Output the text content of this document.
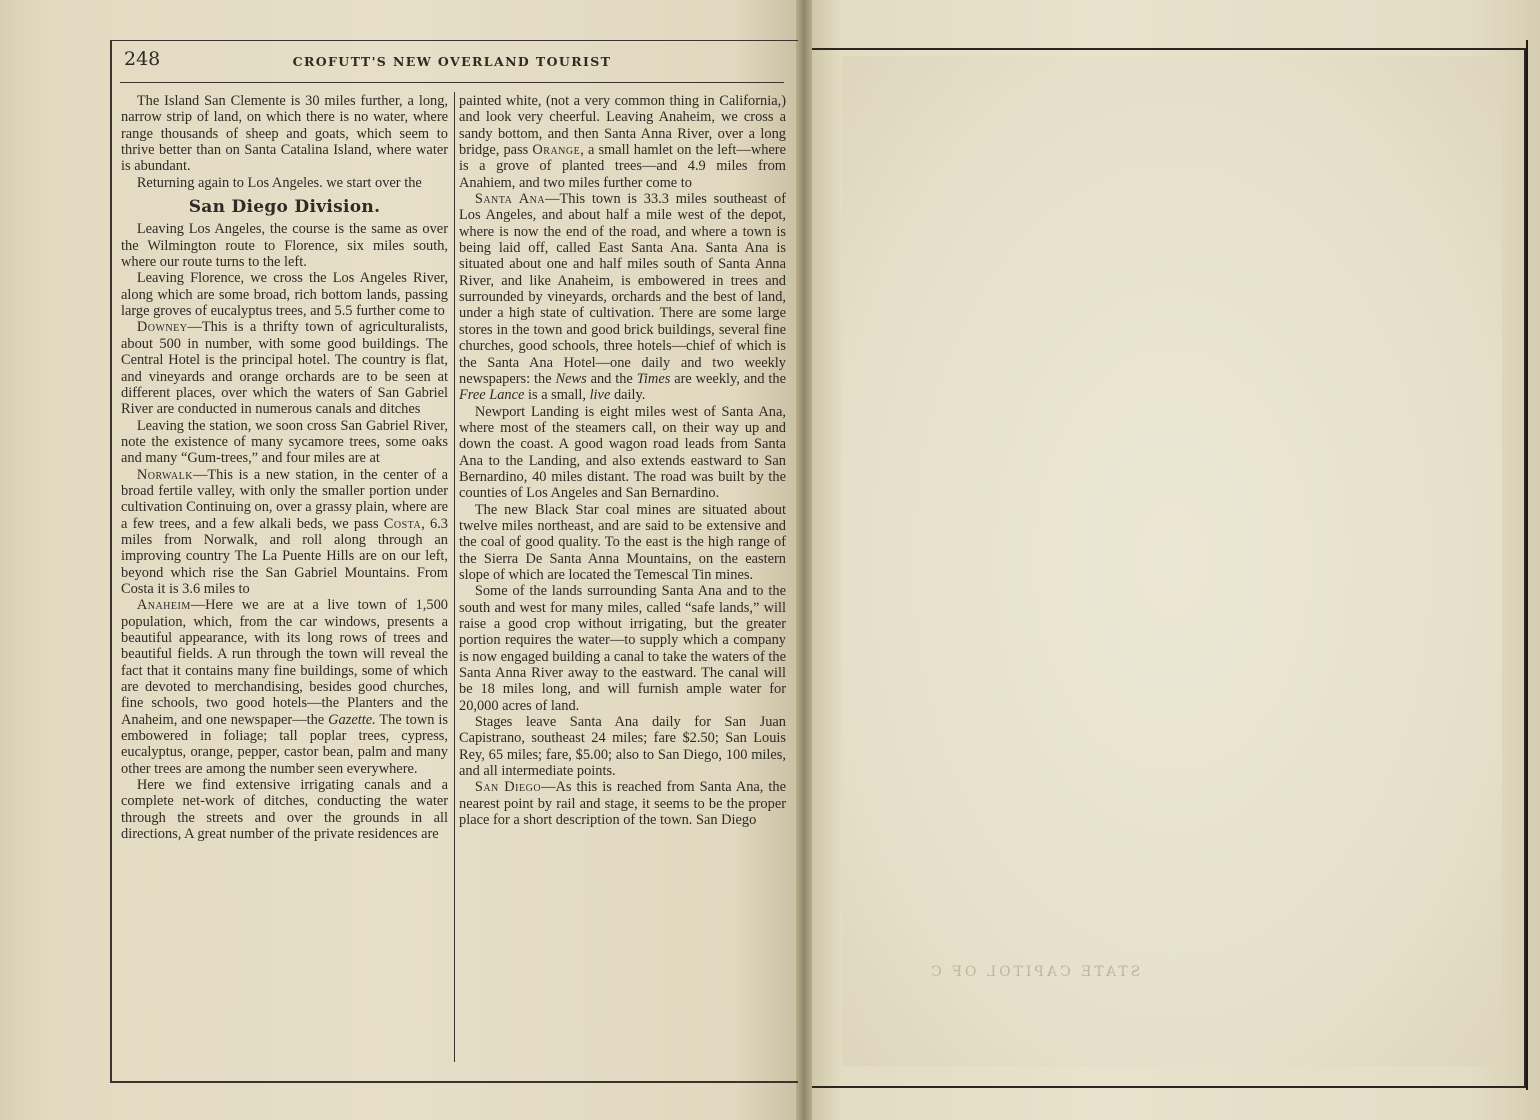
STATE CAPITOL OF C
248	CROFUTT'S NEW OVERLAND TOURIST

The Island San Clemente is 30 miles further, a long, narrow strip of land, on which there is no water, where range thousands of sheep and goats, which seem to thrive better than on Santa Catalina Island, where water is abundant.

Returning again to Los Angeles. we start over the

San Diego Division.

Leaving Los Angeles, the course is the same as over the Wilmington route to Florence, six miles south, where our route turns to the left.

Leaving Florence, we cross the Los Angeles River, along which are some broad, rich bottom lands, passing large groves of eucalyptus trees, and 5.5 further come to

Downey—This is a thrifty town of agriculturalists, about 500 in number, with some good buildings. The Central Hotel is the principal hotel. The country is flat, and vineyards and orange orchards are to be seen at different places, over which the waters of San Gabriel River are conducted in numerous canals and ditches

Leaving the station, we soon cross San Gabriel River, note the existence of many sycamore trees, some oaks and many “Gum-trees,” and four miles are at

Norwalk—This is a new station, in the center of a broad fertile valley, with only the smaller portion under cultivation Continuing on, over a grassy plain, where are a few trees, and a few alkali beds, we pass Costa, 6.3 miles from Norwalk, and roll along through an improving country The La Puente Hills are on our left, beyond which rise the San Gabriel Mountains. From Costa it is 3.6 miles to

Anaheim—Here we are at a live town of 1,500 population, which, from the car windows, presents a beautiful appearance, with its long rows of trees and beautiful fields. A run through the town will reveal the fact that it contains many fine buildings, some of which are devoted to merchandising, besides good churches, fine schools, two good hotels—the Planters and the Anaheim, and one newspaper—the Gazette. The town is embowered in foliage; tall poplar trees, cypress, eucalyptus, orange, pepper, castor bean, palm and many other trees are among the number seen everywhere.

Here we find extensive irrigating canals and a complete net-work of ditches, conducting the water through the streets and over the grounds in all directions, A great number of the private residences are

painted white, (not a very common thing in California,) and look very cheerful. Leaving Anaheim, we cross a sandy bottom, and then Santa Anna River, over a long bridge, pass Orange, a small hamlet on the left—where is a grove of planted trees—and 4.9 miles from Anahiem, and two miles further come to

Santa Ana—This town is 33.3 miles southeast of Los Angeles, and about half a mile west of the depot, where is now the end of the road, and where a town is being laid off, called East Santa Ana. Santa Ana is situated about one and half miles south of Santa Anna River, and like Anaheim, is embowered in trees and surrounded by vineyards, orchards and the best of land, under a high state of cultivation. There are some large stores in the town and good brick buildings, several fine churches, good schools, three hotels—chief of which is the Santa Ana Hotel—one daily and two weekly newspapers: the News and the Times are weekly, and the Free Lance is a small, live daily.

Newport Landing is eight miles west of Santa Ana, where most of the steamers call, on their way up and down the coast. A good wagon road leads from Santa Ana to the Landing, and also extends eastward to San Bernardino, 40 miles distant. The road was built by the counties of Los Angeles and San Bernardino.

The new Black Star coal mines are situated about twelve miles northeast, and are said to be extensive and the coal of good quality. To the east is the high range of the Sierra De Santa Anna Mountains, on the eastern slope of which are located the Temescal Tin mines.

Some of the lands surrounding Santa Ana and to the south and west for many miles, called “safe lands,” will raise a good crop without irrigating, but the greater portion requires the water—to supply which a company is now engaged building a canal to take the waters of the Santa Anna River away to the eastward. The canal will be 18 miles long, and will furnish ample water for 20,000 acres of land.

Stages leave Santa Ana daily for San Juan Capistrano, southeast 24 miles; fare $2.50; San Louis Rey, 65 miles; fare, $5.00; also to San Diego, 100 miles, and all intermediate points.

San Diego—As this is reached from Santa Ana, the nearest point by rail and stage, it seems to be the proper place for a short description of the town. San Diego
